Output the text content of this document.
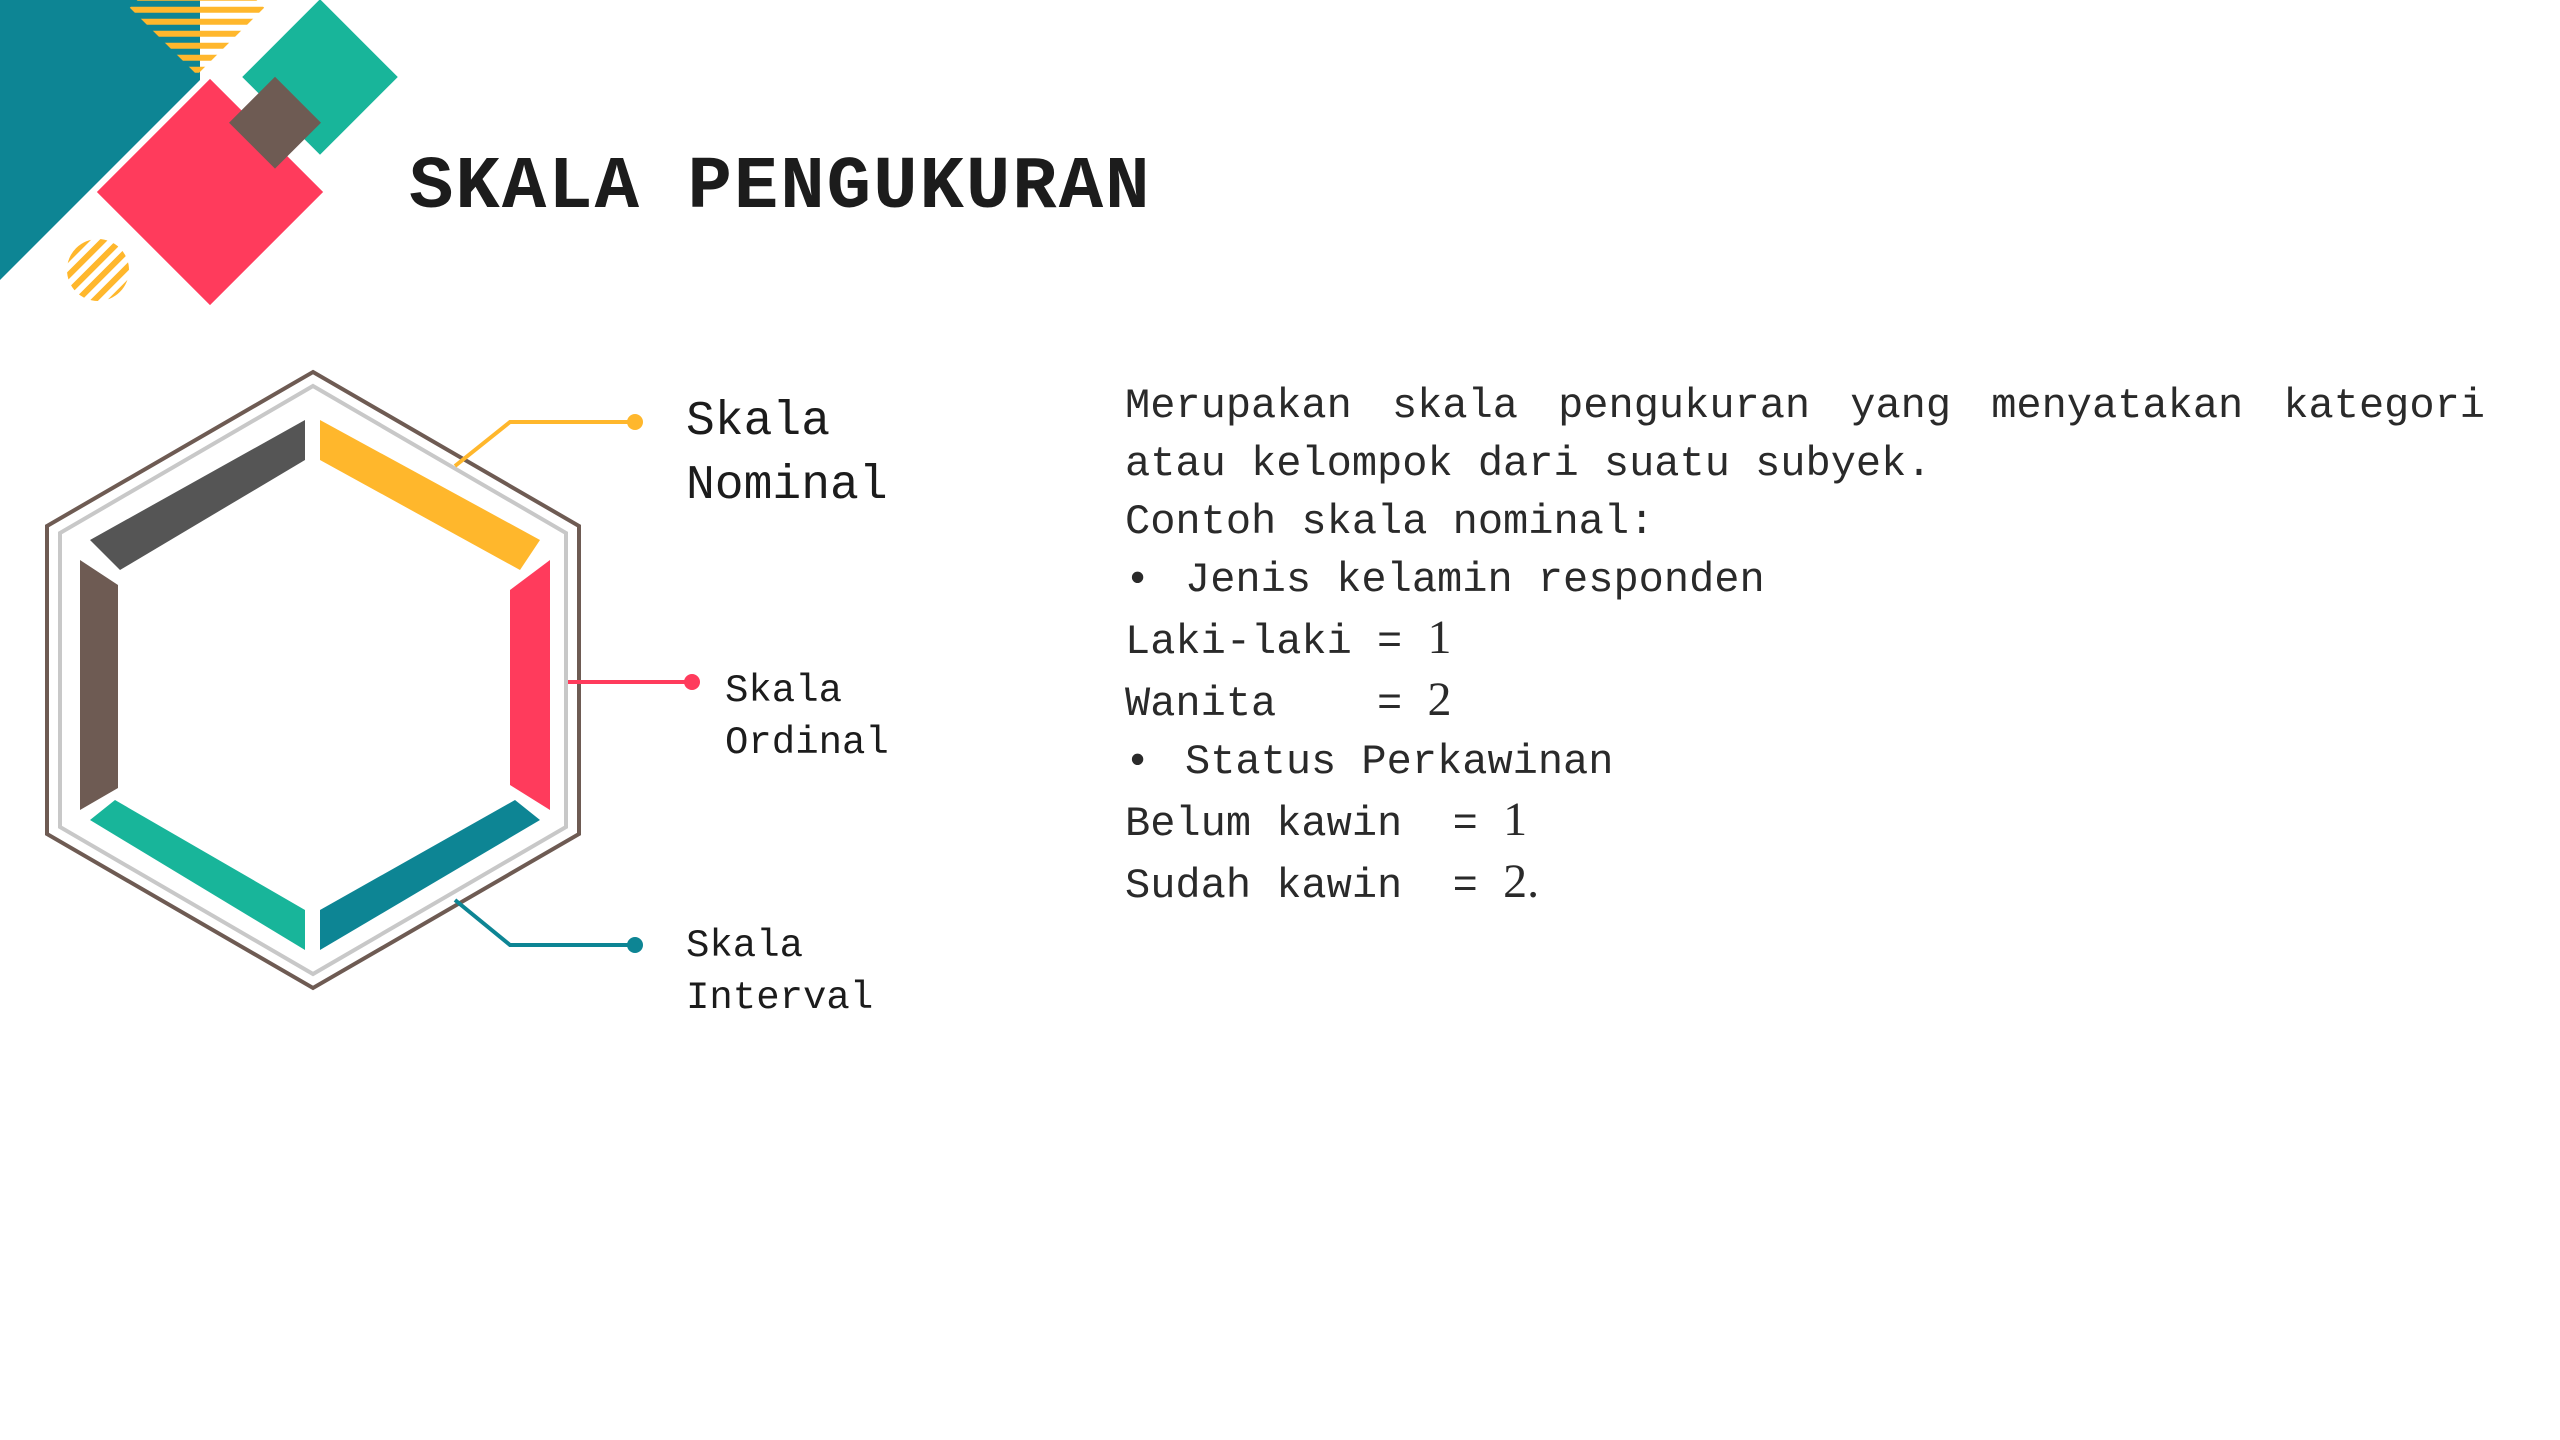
SKALA PENGUKURAN
Skala
Nominal
Skala
Ordinal
Skala
Interval
Merupakan skala pengukuran yang menyatakan kategori atau kelompok dari suatu subyek.
Contoh skala nominal:
• Jenis kelamin responden
Laki-laki = 1
Wanita    = 2
• Status Perkawinan
Belum kawin  = 1
Sudah kawin  = 2.
